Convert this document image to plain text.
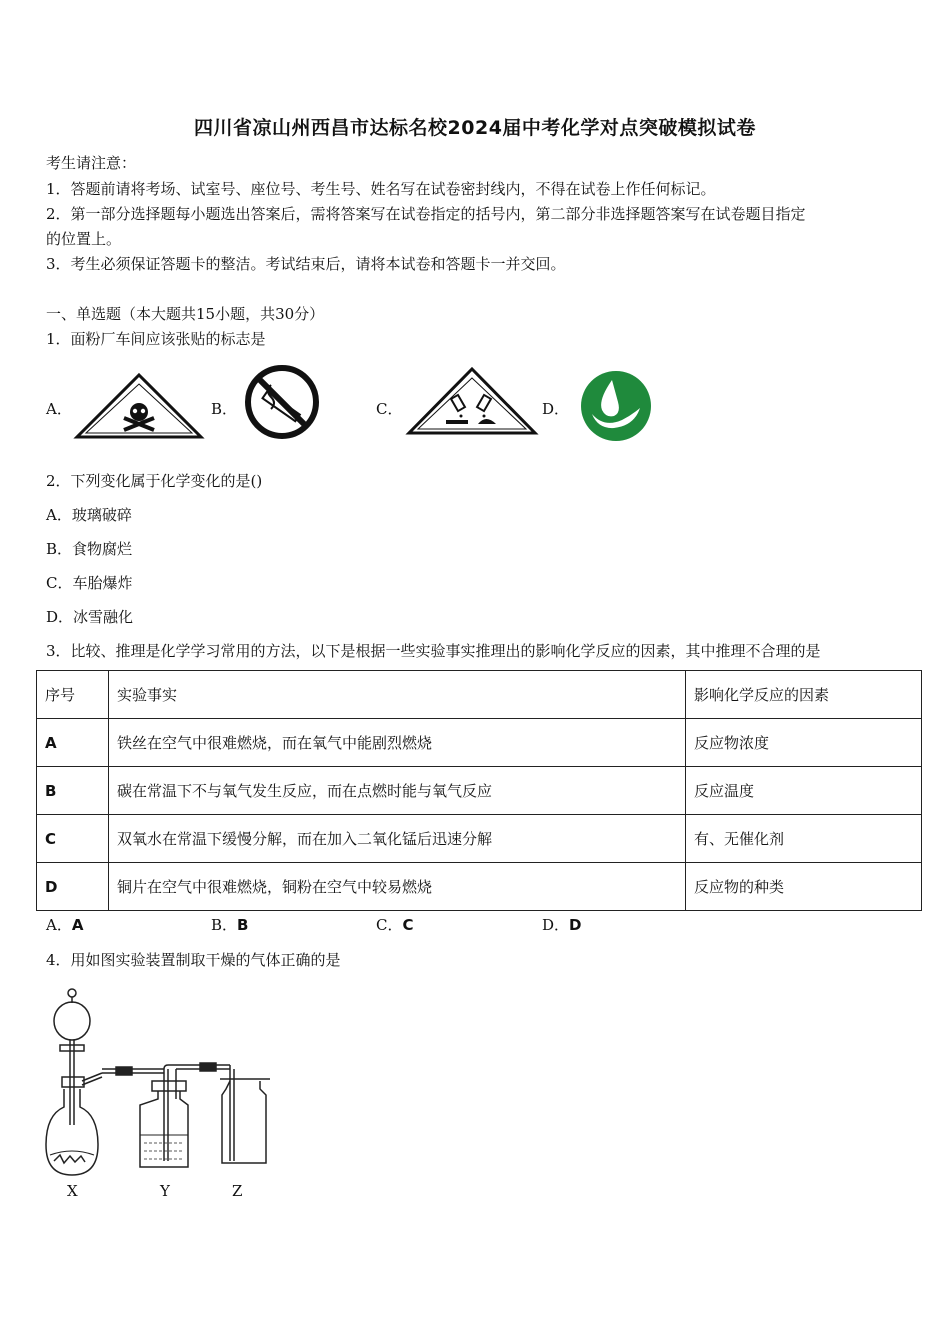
四川省凉山州西昌市达标名校2024届中考化学对点突破模拟试卷
考生请注意：
1．答题前请将考场、试室号、座位号、考生号、姓名写在试卷密封线内，不得在试卷上作任何标记。
2．第一部分选择题每小题选出答案后，需将答案写在试卷指定的括号内，第二部分非选择题答案写在试卷题目指定
的位置上。
3．考生必须保证答题卡的整洁。考试结束后，请将本试卷和答题卡一并交回。
一、单选题（本大题共15小题，共30分）
1．面粉厂车间应该张贴的标志是
A．	B．	C．	D．
2．下列变化属于化学变化的是()
A．玻璃破碎
B．食物腐烂
C．车胎爆炸
D．冰雪融化
3．比较、推理是化学学习常用的方法，以下是根据一些实验事实推理出的影响化学反应的因素，其中推理不合理的是
序号	实验事实	影响化学反应的因素
A	铁丝在空气中很难燃烧，而在氧气中能剧烈燃烧	反应物浓度
B	碳在常温下不与氧气发生反应，而在点燃时能与氧气反应	反应温度
C	双氧水在常温下缓慢分解，而在加入二氧化锰后迅速分解	有、无催化剂
D	铜片在空气中很难燃烧，铜粉在空气中较易燃烧	反应物的种类
A．A	B．B	C．C	D．D
4．用如图实验装置制取干燥的气体正确的是
X	Y	Z
